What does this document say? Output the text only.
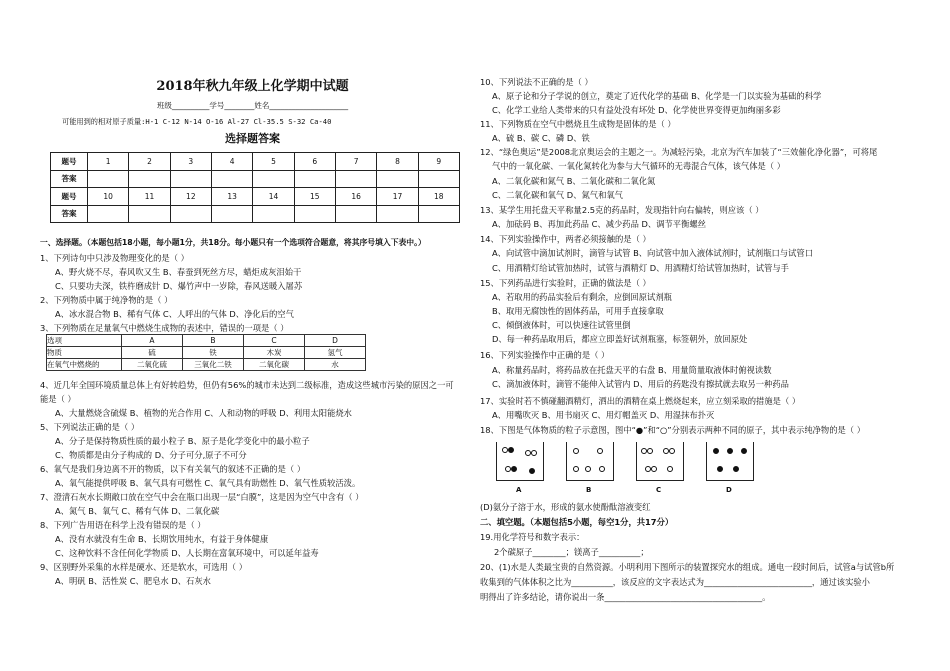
2018年秋九年级上化学期中试题
班级__________学号________姓名_____________________
可能用到的相对原子质量:H-1 C-12 N-14 O-16 Al-27 Cl-35.5 S-32 Ca-40
选择题答案
题号	1	2	3	4	5	6	7	8	9
答案									
题号	10	11	12	13	14	15	16	17	18
答案									
一、选择题。（本题包括18小题，每小题1分，共18分。每小题只有一个选项符合题意，将其序号填入下表中。）
1、下列诗句中只涉及物理变化的是（ ）
A、野火烧不尽，春风吹又生 B、春蚕到死丝方尽，蜡炬成灰泪始干
C、只要功夫深，铁杵磨成针 D、爆竹声中一岁除，春风送暖入屠苏
2、下列物质中属于纯净物的是（ ）
A、冰水混合物 B、稀有气体 C、人呼出的气体 D、净化后的空气
3、下列物质在足量氧气中燃烧生成物的表述中，错误的一项是（ ）
选项	A	B	C	D
物质	硫	铁	木炭	氢气
在氧气中燃烧的	二氧化硫	三氧化二铁	二氧化碳	水
4、近几年全国环境质量总体上有好转趋势，但仍有56%的城市未达到二级标准，造成这些城市污染的原因之一可
能是（ ）
A、大量燃烧含硫煤 B、植物的光合作用 C、人和动物的呼吸 D、利用太阳能烧水
5、下列说法正确的是（ ）
A、分子是保持物质性质的最小粒子 B、原子是化学变化中的最小粒子
C、物质都是由分子构成的 D、分子可分,原子不可分
6、氧气是我们身边离不开的物质，以下有关氧气的叙述不正确的是（ ）
A、氧气能提供呼吸 B、氧气具有可燃性 C、氧气具有助燃性 D、氧气性质较活泼。
7、澄清石灰水长期敞口放在空气中会在瓶口出现一层“白膜”，这是因为空气中含有（ ）
A、氮气 B、氧气 C、稀有气体 D、二氧化碳
8、下列广告用语在科学上没有错误的是（ ）
A、没有水就没有生命 B、长期饮用纯水，有益于身体健康
C、这种饮料不含任何化学物质 D、人长期在富氧环境中，可以延年益寿
9、区别野外采集的水样是硬水、还是软水，可选用（ ）
A、明矾 B、活性炭 C、肥皂水 D、石灰水
10、下列说法不正确的是（ ）
A、原子论和分子学说的创立，奠定了近代化学的基础 B、化学是一门以实验为基础的科学
C、化学工业给人类带来的只有益处没有坏处 D、化学使世界变得更加绚丽多彩
11、下列物质在空气中燃烧且生成物是固体的是（ ）
A、硫 B、碳 C、磷 D、铁
12、“绿色奥运”是2008北京奥运会的主题之一。为减轻污染，北京为汽车加装了“三效催化净化器”，可将尾
气中的一氧化碳、一氧化氮转化为参与大气循环的无毒混合气体，该气体是（ ）
A、二氧化碳和氮气 B、二氧化碳和二氧化氮
C、二氧化碳和氧气 D、氮气和氧气
13、某学生用托盘天平称量2.5克的药品时，发现指针向右偏转，则应该（ ）
A、加砝码 B、再加此药品 C、减少药品 D、调节平衡螺丝
14、下列实验操作中，两者必须接触的是（ ）
A、向试管中滴加试剂时，滴管与试管 B、向试管中加入液体试剂时，试剂瓶口与试管口
C、用酒精灯给试管加热时，试管与酒精灯 D、用酒精灯给试管加热时，试管与手
15、下列药品进行实验时，正确的做法是（ ）
A、若取用的药品实验后有剩余，应倒回原试剂瓶
B、取用无腐蚀性的固体药品，可用手直接拿取
C、倾倒液体时，可以快速往试管里倒
D、每一种药品取用后，都应立即盖好试剂瓶塞，标签朝外，放回原处
16、下列实验操作中正确的是（ ）
A、称量药品时，将药品放在托盘天平的右盘 B、用量筒量取液体时俯视读数
C、滴加液体时，滴管不能伸入试管内 D、用后的药匙没有擦拭就去取另一种药品
17、实验时若不慎碰翻酒精灯，洒出的酒精在桌上燃烧起来，应立刻采取的措施是（ ）
A、用嘴吹灭 B、用书扇灭 C、用灯帽盖灭 D、用湿抹布扑灭
18、下图是气体物质的粒子示意图，图中“●”和“○”分别表示两种不同的原子，其中表示纯净物的是（ ）
A	B	C	D
(D)氨分子溶于水，形成的氨水使酚酞溶液变红
二、填空题。（本题包括5小题，每空1分，共17分）
19.用化学符号和数字表示：
2个碳原子________；镁离子__________；
20、(1)水是人类最宝贵的自然资源。小明利用下图所示的装置探究水的组成。通电一段时间后，试管a与试管b所
收集到的气体体积之比为__________，该反应的文字表达式为__________________________，通过该实验小
明得出了许多结论，请你说出一条______________________________________。
